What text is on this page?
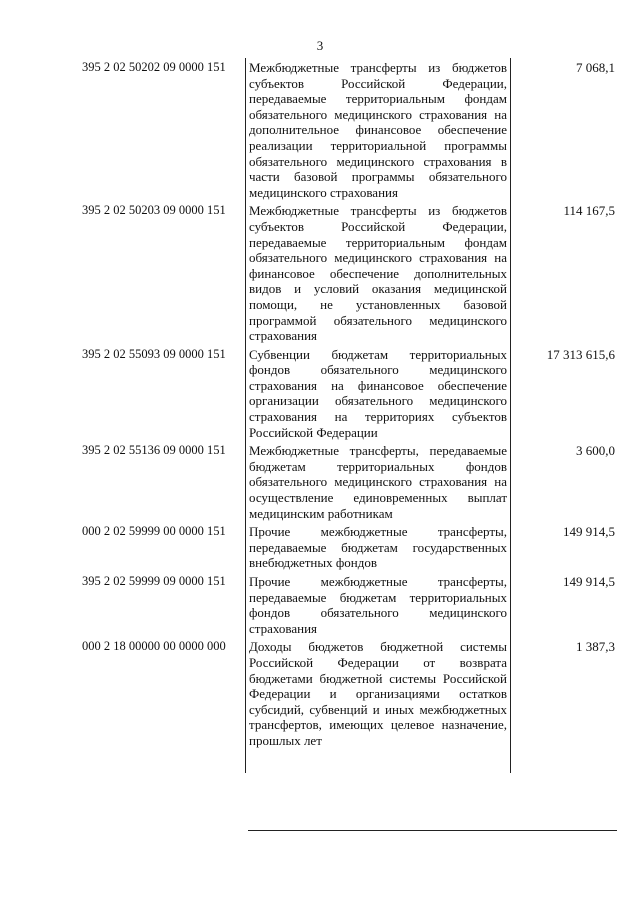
3
395 2 02 50202 09 0000 151	Межбюджетные трансферты из бюджетов субъектов Российской Федерации, передаваемые территориальным фондам обязательного медицинского страхования на дополнительное финансовое обеспечение реализации территориальной программы обязательного медицинского страхования в части базовой программы обязательного медицинского страхования	7 068,1
395 2 02 50203 09 0000 151	Межбюджетные трансферты из бюджетов субъектов Российской Федерации, передаваемые территориальным фондам обязательного медицинского страхования на финансовое обеспечение дополнительных видов и условий оказания медицинской помощи, не установленных базовой программой обязательного медицинского страхования	114 167,5
395 2 02 55093 09 0000 151	Субвенции бюджетам территориальных фондов обязательного медицинского страхования на финансовое обеспечение организации обязательного медицинского страхования на территориях субъектов Российской Федерации	17 313 615,6
395 2 02 55136 09 0000 151	Межбюджетные трансферты, передаваемые бюджетам территориальных фондов обязательного медицинского страхования на осуществление единовременных выплат медицинским работникам	3 600,0
000 2 02 59999 00 0000 151	Прочие межбюджетные трансферты, передаваемые бюджетам государственных внебюджетных фондов	149 914,5
395 2 02 59999 09 0000 151	Прочие межбюджетные трансферты, передаваемые бюджетам территориальных фондов обязательного медицинского страхования	149 914,5
000 2 18 00000 00 0000 000	Доходы бюджетов бюджетной системы Российской Федерации от возврата бюджетами бюджетной системы Российской Федерации и организациями остатков субсидий, субвенций и иных межбюджетных трансфертов, имеющих целевое назначение, прошлых лет	1 387,3
